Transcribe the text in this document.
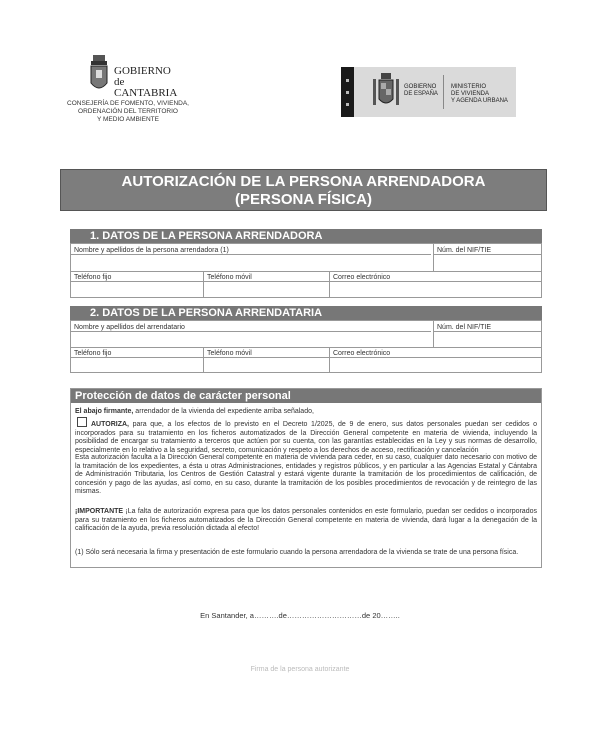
GOBIERNO
de
CANTABRIA
CONSEJERÍA DE FOMENTO, VIVIENDA,
ORDENACIÓN DEL TERRITORIO
Y MEDIO AMBIENTE
GOBIERNO
DE ESPAÑA
MINISTERIO
DE VIVIENDA
Y AGENDA URBANA
AUTORIZACIÓN DE LA PERSONA ARRENDADORA
(PERSONA FÍSICA)
1. DATOS DE LA PERSONA ARRENDADORA
Nombre y apellidos de la persona arrendadora (1)	Núm. del NIF/TIE
Teléfono fijo	Teléfono móvil	Correo electrónico
2. DATOS DE LA PERSONA ARRENDATARIA
Nombre y apellidos del arrendatario	Núm. del NIF/TIE
Teléfono fijo	Teléfono móvil	Correo electrónico
Protección de datos de carácter personal
El abajo firmante, arrendador de la vivienda del expediente arriba señalado,
AUTORIZA, para que, a los efectos de lo previsto en el Decreto 1/2025, de 9 de enero, sus datos personales puedan ser cedidos o incorporados para su tratamiento en los ficheros automatizados de la Dirección General competente en materia de vivienda, incluyendo la posibilidad de encargar su tratamiento a terceros que actúen por su cuenta, con las garantías establecidas en la Ley y sus normas de desarrollo, especialmente en lo relativo a la seguridad, secreto, comunicación y respeto a los derechos de acceso, rectificación y cancelación
Esta autorización faculta a la Dirección General competente en materia de vivienda para ceder, en su caso, cualquier dato necesario con motivo de la tramitación de los expedientes, a ésta u otras Administraciones, entidades y registros públicos, y en particular a las Agencias Estatal y Cántabra de Administración Tributaria, los Centros de Gestión Catastral y estará vigente durante la tramitación de los procedimientos de calificación, de concesión y pago de las ayudas, así como, en su caso, durante la tramitación de los posibles procedimientos de revocación y de reintegro de las mismas.
¡IMPORTANTE ¡La falta de autorización expresa para que los datos personales contenidos en este formulario, puedan ser cedidos o incorporados para su tratamiento en los ficheros automatizados de la Dirección General competente en materia de vivienda, dará lugar a la denegación de la calificación de la ayuda, previa resolución dictada al efecto!
(1) Sólo será necesaria la firma y presentación de este formulario cuando la persona arrendadora de la vivienda se trate de una persona física.
En Santander, a……….de…………………………de 20……..
Firma de la persona autorizante
